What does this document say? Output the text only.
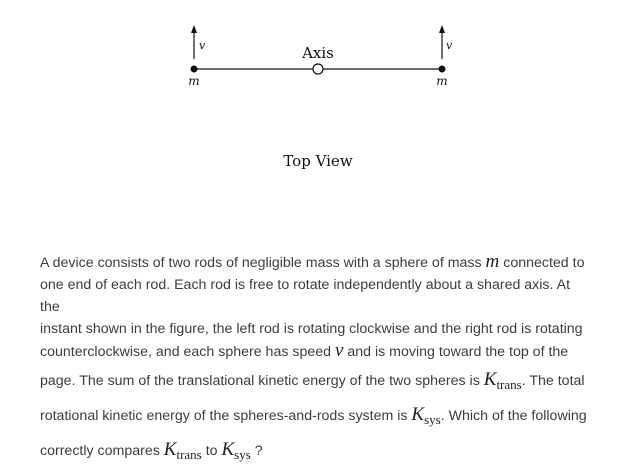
Axis
v	v
m	m
Top View
A device consists of two rods of negligible mass with a sphere of mass m connected to
one end of each rod. Each rod is free to rotate independently about a shared axis. At the
instant shown in the figure, the left rod is rotating clockwise and the right rod is rotating
counterclockwise, and each sphere has speed v and is moving toward the top of the
page. The sum of the translational kinetic energy of the two spheres is Ktrans. The total
rotational kinetic energy of the spheres-and-rods system is Ksys. Which of the following
correctly compares Ktrans to Ksys ?
